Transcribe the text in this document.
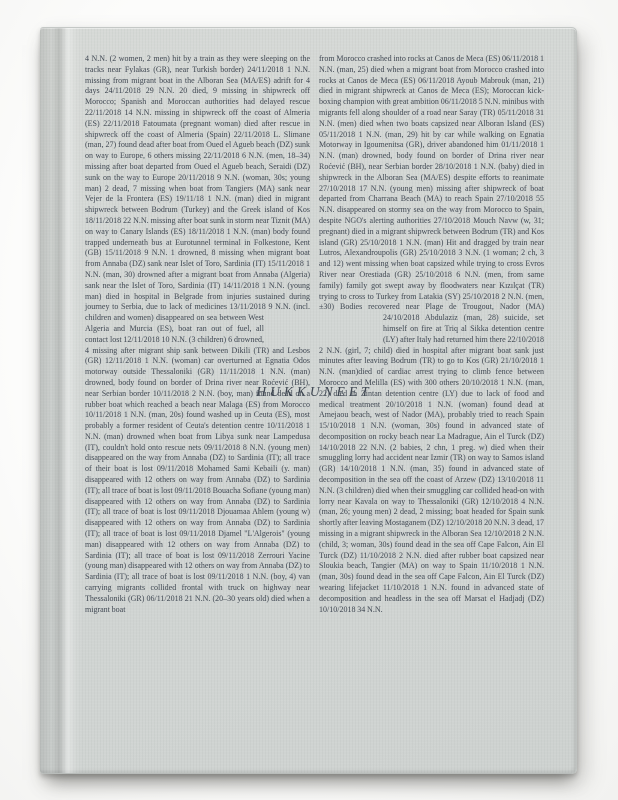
4 N.N. (2 women, 2 men) hit by a train as they were sleeping on the tracks near Fylakas (GR), near Turkish border) 24/11/2018 1 N.N. missing from migrant boat in the Alboran Sea (MA/ES) adrift for 4 days 24/11/2018 29 N.N. 20 died, 9 missing in shipwreck off Morocco; Spanish and Moroccan authorities had delayed rescue 22/11/2018 14 N.N. missing in shipwreck off the coast of Almeria (ES) 22/11/2018 Fatoumata (pregnant woman) died after rescue in shipwreck off the coast of Almeria (Spain) 22/11/2018 L. Slimane (man, 27) found dead after boat from Oued el Agueb beach (DZ) sunk on way to Europe, 6 others missing 22/11/2018 6 N.N. (men, 18–34) missing after boat departed from Oued el Agueb beach, Seraidi (DZ) sunk on the way to Europe 20/11/2018 9 N.N. (woman, 30s; young man) 2 dead, 7 missing when boat from Tangiers (MA) sank near Vejer de la Frontera (ES) 19/11/18 1 N.N. (man) died in migrant shipwreck between Bodrum (Turkey) and the Greek island of Kos 18/11/2018 22 N.N. missing after boat sunk in storm near Tiznit (MA) on way to Canary Islands (ES) 18/11/2018 1 N.N. (man) body found trapped underneath bus at Eurotunnel terminal in Folkestone, Kent (GB) 15/11/2018 9 N.N. 1 drowned, 8 missing when migrant boat from Annaba (DZ) sank near Islet of Toro, Sardinia (IT) 15/11/2018 1 N.N. (man, 30) drowned after a migrant boat from Annaba (Algeria) sank near the Islet of Toro, Sardinia (IT) 14/11/2018 1 N.N. (young man) died in hospital in Belgrade from injuries sustained during journey to Serbia, due to lack of medicines 13/11/2018 9 N.N. (incl. children and
women) disappeared on sea between West Algeria and Murcia (ES), boat ran out of fuel, all contact lost 12/11/2018 10 N.N. (3 children) 6 drowned, 4 missing after migrant ship sank between Dikili (TR) and Lesbos (GR) 12/11/2018 1 N.N. (woman) car overturned at Egnatia Odos motorway outside Thessaloniki (GR) 11/11/2018 1 N.N. (man) drowned, body found on border of Drina river near Roćević (BH), near Serbian border 10/11/2018 2 N.N. (boy, man) found dead on a rubber boat which reached a beach near Malaga (ES) from Morocco 10/11/2018 1 N.N. (man, 20s) found washed up in Ceuta (ES), most probably a former resident of Ceuta's detention centre 10/11/2018 1 N.N. (man) drowned when boat from Libya sunk near Lampedusa (IT), couldn't hold onto rescue nets 09/11/2018 8 N.N. (young men) disappeared on the way from Annaba (DZ) to Sardinia (IT); all trace of their boat is lost 09/11/2018 Mohamed Sami Kebaili (y. man) disappeared with 12 others on way from Annaba (DZ) to Sardinia (IT); all trace of boat is lost 09/11/2018 Bouacha Sofiane (young man) disappeared with 12 others on way from Annaba (DZ) to Sardinia (IT); all trace of boat is lost 09/11/2018 Djouamaa Ahlem (young w) disappeared with 12 others on way from Annaba (DZ) to Sardinia (IT); all trace of boat is lost 09/11/2018 Djamel "L'Algerois" (young man) disappeared with 12 others on way from Annaba (DZ) to Sardinia (IT); all trace of boat is lost 09/11/2018 Zerrouri Yacine (young man) disappeared with 12 others on way from Annaba (DZ) to Sardinia (IT); all trace of boat is lost 09/11/2018 1 N.N. (boy, 4) van carrying migrants collided frontal with truck on highway near Thessaloniki (GR) 06/11/2018 21 N.N. (20–30 years old) died when a migrant boat
from Morocco crashed into rocks at Canos de Meca (ES) 06/11/2018 1 N.N. (man, 25) died when a migrant boat from Morocco crashed into rocks at Canos de Meca (ES) 06/11/2018 Ayoub Mabrouk (man, 21) died in migrant shipwreck at Canos de Meca (ES); Moroccan kick-boxing champion with great ambition 06/11/2018 5 N.N. minibus with migrants fell along shoulder of a road near Saray (TR) 05/11/2018 31 N.N. (men) died when two boats capsized near Alboran Island (ES) 05/11/2018 1 N.N. (man, 29) hit by car while walking on Egnatia Motorway in Igoumenitsa (GR), driver abandoned him 01/11/2018 1 N.N. (man) drowned, body found on border of Drina river near Roćević (BH), near Serbian border 28/10/2018 1 N.N. (baby) died in shipwreck in the Alboran Sea (MA/ES) despite efforts to reanimate 27/10/2018 17 N.N. (young men) missing after shipwreck of boat departed from Charrana Beach (MA) to reach Spain 27/10/2018 55 N.N. disappeared on stormy sea on the way from Morocco to Spain, despite NGO's alerting authorities 27/10/2018 Mouch Navw (w, 31; pregnant) died in a migrant shipwreck between Bodrum (TR) and Kos island (GR) 25/10/2018 1 N.N. (man) Hit and dragged by train near Lutros, Alexandroupolis (GR) 25/10/2018 3 N.N. (1 woman; 2 ch, 3 and 12) went missing when boat capsized while trying to cross Evros River near Orestiada (GR) 25/10/2018 6 N.N. (men, from same family) family got swept away by floodwaters near Kızılçat (TR) trying to cross to Turkey from Latakia (SY) 25/10/2018 2 N.N. (men, ±30) Bodies recovered near Plage de Trougout, Nador (MA)
24/10/2018 Abdulaziz (man, 28) suicide, set himself on fire at Triq al Sikka detention centre (LY) after Italy had returned him there 22/10/2018 2 N.N. (girl, 7; child) died in hospital after migrant boat sank just minutes after leaving Bodrum (TR) to go to Kos (GR) 21/10/2018 1 N.N. (man)died of cardiac arrest trying to climb fence between Morocco and Melilla (ES) with 300 others 20/10/2018 1 N.N. (man, 22) died in Zintan detention centre (LY) due to lack of food and medical treatment 20/10/2018 1 N.N. (woman) found dead at Amejaou beach, west of Nador (MA), probably tried to reach Spain 15/10/2018 1 N.N. (woman, 30s) found in advanced state of decomposition on rocky beach near La Madrague, Ain el Turck (DZ) 14/10/2018 22 N.N. (2 babies, 2 chn, 1 preg. w) died when their smuggling lorry had accident near Izmir (TR) on way to Samos island (GR) 14/10/2018 1 N.N. (man, 35) found in advanced state of decomposition in the sea off the coast of Arzew (DZ) 13/10/2018 11 N.N. (3 children) died when their smuggling car collided head-on with lorry near Kavala on way to Thessaloniki (GR) 12/10/2018 4 N.N. (man, 26; young men) 2 dead, 2 missing; boat headed for Spain sunk shortly after leaving Mostaganem (DZ) 12/10/2018 20 N.N. 3 dead, 17 missing in a migrant shipwreck in the Alboran Sea 12/10/2018 2 N.N. (child, 3; woman, 30s) found dead in the sea off Cape Falcon, Ain El Turck (DZ) 11/10/2018 2 N.N. died after rubber boat capsized near Sloukia beach, Tangier (MA) on way to Spain 11/10/2018 1 N.N. (man, 30s) found dead in the sea off Cape Falcon, Ain El Turck (DZ) wearing lifejacket 11/10/2018 1 N.N. found in advanced state of decomposition and headless in the sea off Marsat el Hadjadj (DZ) 10/10/2018 34 N.N.
HUKKUNEET
